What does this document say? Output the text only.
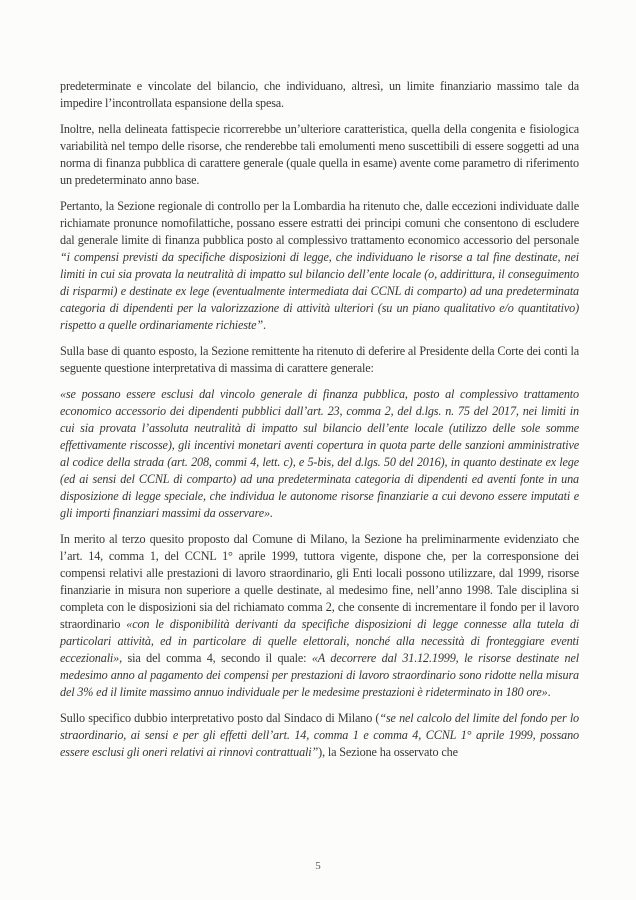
predeterminate e vincolate del bilancio, che individuano, altresì, un limite finanziario massimo tale da impedire l’incontrollata espansione della spesa.

Inoltre, nella delineata fattispecie ricorrerebbe un’ulteriore caratteristica, quella della congenita e fisiologica variabilità nel tempo delle risorse, che renderebbe tali emolumenti meno suscettibili di essere soggetti ad una norma di finanza pubblica di carattere generale (quale quella in esame) avente come parametro di riferimento un predeterminato anno base.

Pertanto, la Sezione regionale di controllo per la Lombardia ha ritenuto che, dalle eccezioni individuate dalle richiamate pronunce nomofilattiche, possano essere estratti dei principi comuni che consentono di escludere dal generale limite di finanza pubblica posto al complessivo trattamento economico accessorio del personale “i compensi previsti da specifiche disposizioni di legge, che individuano le risorse a tal fine destinate, nei limiti in cui sia provata la neutralità di impatto sul bilancio dell’ente locale (o, addirittura, il conseguimento di risparmi) e destinate ex lege (eventualmente intermediata dai CCNL di comparto) ad una predeterminata categoria di dipendenti per la valorizzazione di attività ulteriori (su un piano qualitativo e/o quantitativo) rispetto a quelle ordinariamente richieste”.

Sulla base di quanto esposto, la Sezione remittente ha ritenuto di deferire al Presidente della Corte dei conti la seguente questione interpretativa di massima di carattere generale:

«se possano essere esclusi dal vincolo generale di finanza pubblica, posto al complessivo trattamento economico accessorio dei dipendenti pubblici dall’art. 23, comma 2, del d.lgs. n. 75 del 2017, nei limiti in cui sia provata l’assoluta neutralità di impatto sul bilancio dell’ente locale (utilizzo delle sole somme effettivamente riscosse), gli incentivi monetari aventi copertura in quota parte delle sanzioni amministrative al codice della strada (art. 208, commi 4, lett. c), e 5-bis, del d.lgs. 50 del 2016), in quanto destinate ex lege (ed ai sensi del CCNL di comparto) ad una predeterminata categoria di dipendenti ed aventi fonte in una disposizione di legge speciale, che individua le autonome risorse finanziarie a cui devono essere imputati e gli importi finanziari massimi da osservare».

In merito al terzo quesito proposto dal Comune di Milano, la Sezione ha preliminarmente evidenziato che l’art. 14, comma 1, del CCNL 1° aprile 1999, tuttora vigente, dispone che, per la corresponsione dei compensi relativi alle prestazioni di lavoro straordinario, gli Enti locali possono utilizzare, dal 1999, risorse finanziarie in misura non superiore a quelle destinate, al medesimo fine, nell’anno 1998. Tale disciplina si completa con le disposizioni sia del richiamato comma 2, che consente di incrementare il fondo per il lavoro straordinario «con le disponibilità derivanti da specifiche disposizioni di legge connesse alla tutela di particolari attività, ed in particolare di quelle elettorali, nonché alla necessità di fronteggiare eventi eccezionali», sia del comma 4, secondo il quale: «A decorrere dal 31.12.1999, le risorse destinate nel medesimo anno al pagamento dei compensi per prestazioni di lavoro straordinario sono ridotte nella misura del 3% ed il limite massimo annuo individuale per le medesime prestazioni è rideterminato in 180 ore».

Sullo specifico dubbio interpretativo posto dal Sindaco di Milano (“se nel calcolo del limite del fondo per lo straordinario, ai sensi e per gli effetti dell’art. 14, comma 1 e comma 4, CCNL 1° aprile 1999, possano essere esclusi gli oneri relativi ai rinnovi contrattuali”), la Sezione ha osservato che

5
